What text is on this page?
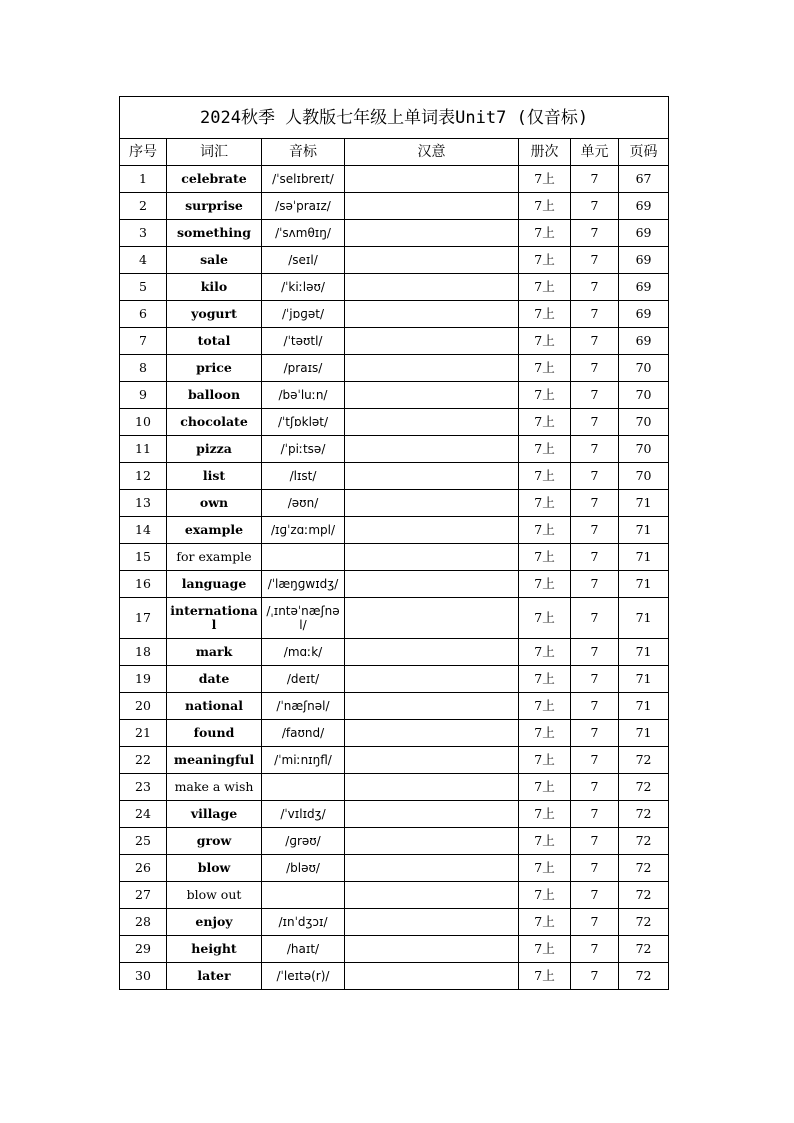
2024秋季 人教版七年级上单词表Unit7 (仅音标)						
序号	词汇	音标	汉意	册次	单元	页码
1	celebrate	/ˈselɪbreɪt/		7上	7	67
2	surprise	/səˈpraɪz/		7上	7	69
3	something	/ˈsʌmθɪŋ/		7上	7	69
4	sale	/seɪl/		7上	7	69
5	kilo	/ˈkiːləʊ/		7上	7	69
6	yogurt	/ˈjɒɡət/		7上	7	69
7	total	/ˈtəʊtl/		7上	7	69
8	price	/praɪs/		7上	7	70
9	balloon	/bəˈluːn/		7上	7	70
10	chocolate	/ˈtʃɒklət/		7上	7	70
11	pizza	/ˈpiːtsə/		7上	7	70
12	list	/lɪst/		7上	7	70
13	own	/əʊn/		7上	7	71
14	example	/ɪɡˈzɑːmpl/		7上	7	71
15	for example			7上	7	71
16	language	/ˈlæŋɡwɪdʒ/		7上	7	71
17	international	/ˌɪntəˈnæʃnəl/		7上	7	71
18	mark	/mɑːk/		7上	7	71
19	date	/deɪt/		7上	7	71
20	national	/ˈnæʃnəl/		7上	7	71
21	found	/faʊnd/		7上	7	71
22	meaningful	/ˈmiːnɪŋfl/		7上	7	72
23	make a wish			7上	7	72
24	village	/ˈvɪlɪdʒ/		7上	7	72
25	grow	/ɡrəʊ/		7上	7	72
26	blow	/bləʊ/		7上	7	72
27	blow out			7上	7	72
28	enjoy	/ɪnˈdʒɔɪ/		7上	7	72
29	height	/haɪt/		7上	7	72
30	later	/ˈleɪtə(r)/		7上	7	72
